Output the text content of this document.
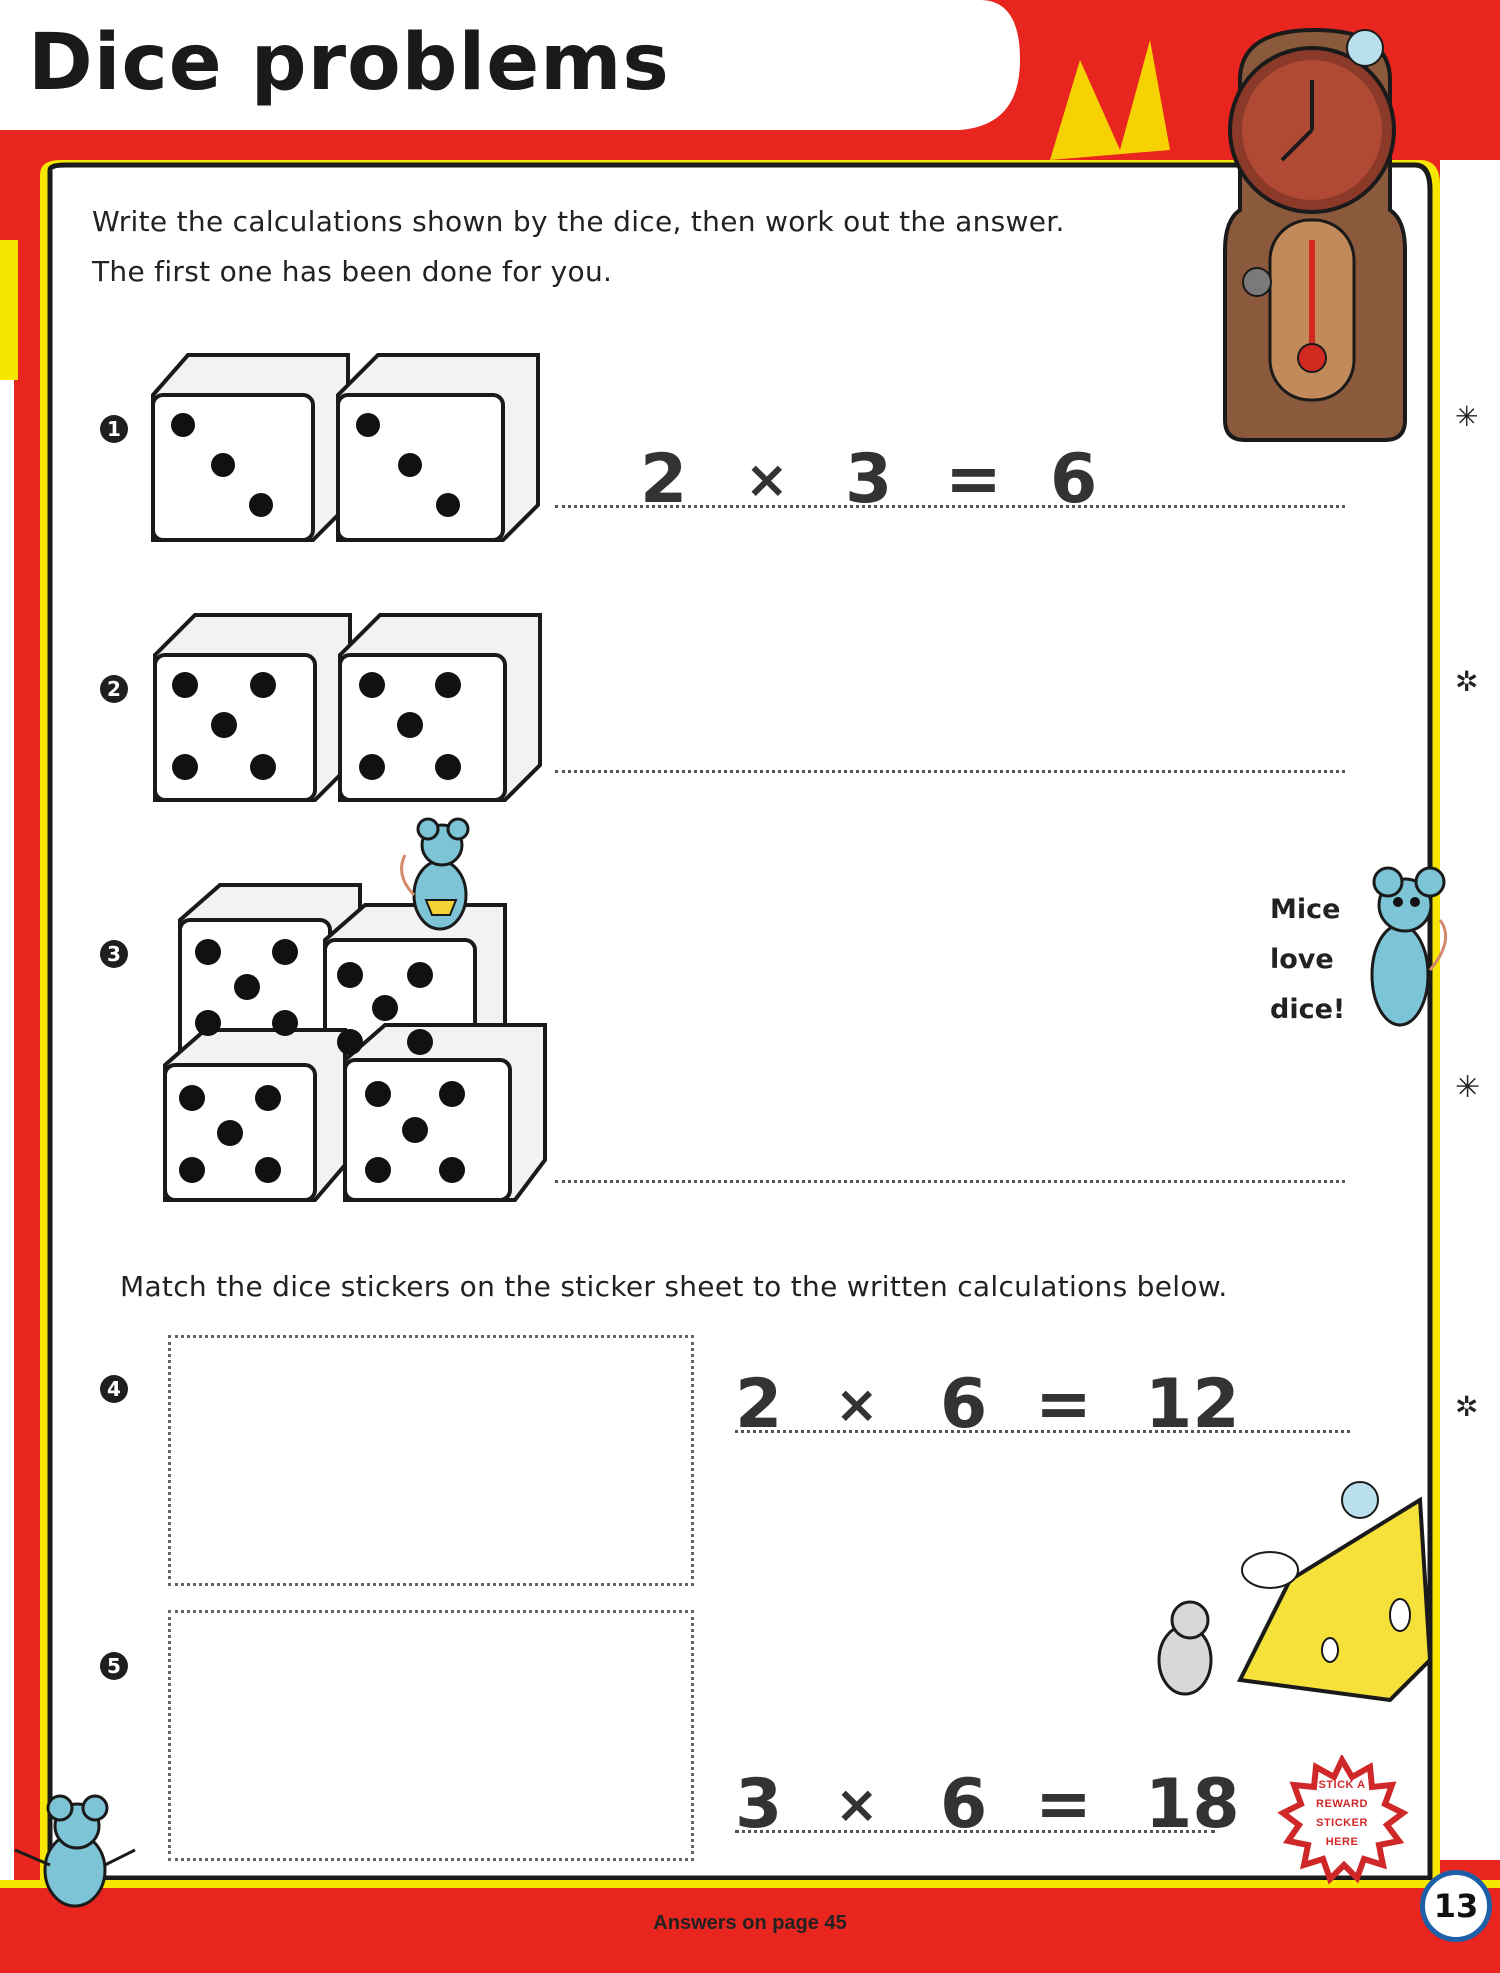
Dice problems
Write the calculations shown by the dice, then work out the answer.
The first one has been done for you.
1
2 × 3 = 6
2
3
Mice
love
dice!
✳
✲
✳
✲
Match the dice stickers on the sticker sheet to the written calculations below.
4	2 × 6 = 12
5
3 × 6 = 18	STICK A
REWARD
STICKER
HERE
Answers on page 45	13
